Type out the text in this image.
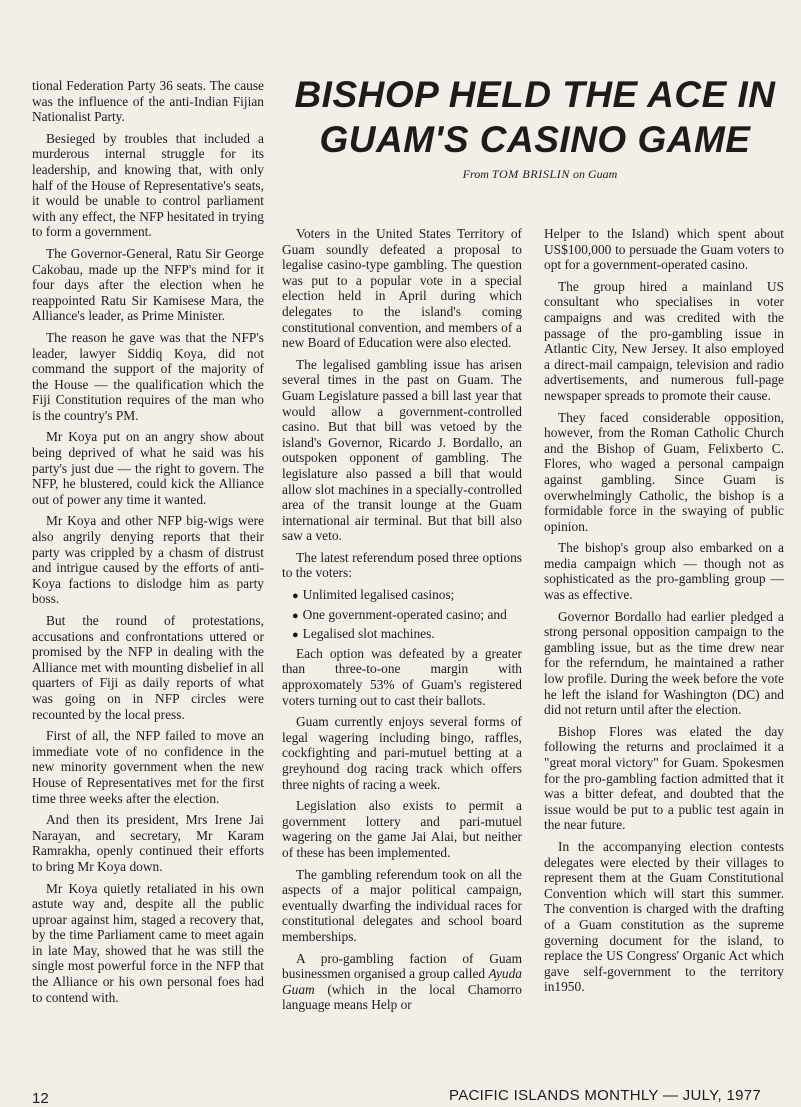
tional Federation Party 36 seats. The cause was the influence of the anti-Indian Fijian Nationalist Party.

Besieged by troubles that included a murderous internal struggle for its leadership, and knowing that, with only half of the House of Representative's seats, it would be unable to control parliament with any effect, the NFP hesitated in trying to form a government.

The Governor-General, Ratu Sir George Cakobau, made up the NFP's mind for it four days after the election when he reappointed Ratu Sir Kamisese Mara, the Alliance's leader, as Prime Minister.

The reason he gave was that the NFP's leader, lawyer Siddiq Koya, did not command the support of the majority of the House — the qualification which the Fiji Constitution requires of the man who is the country's PM.

Mr Koya put on an angry show about being deprived of what he said was his party's just due — the right to govern. The NFP, he blustered, could kick the Alliance out of power any time it wanted.

Mr Koya and other NFP big-wigs were also angrily denying reports that their party was crippled by a chasm of distrust and intrigue caused by the efforts of anti-Koya factions to dislodge him as party boss.

But the round of protestations, accusations and confrontations uttered or promised by the NFP in dealing with the Alliance met with mounting disbelief in all quarters of Fiji as daily reports of what was going on in NFP circles were recounted by the local press.

First of all, the NFP failed to move an immediate vote of no confidence in the new minority government when the new House of Representatives met for the first time three weeks after the election.

And then its president, Mrs Irene Jai Narayan, and secretary, Mr Karam Ramrakha, openly continued their efforts to bring Mr Koya down.

Mr Koya quietly retaliated in his own astute way and, despite all the public uproar against him, staged a recovery that, by the time Parliament came to meet again in late May, showed that he was still the single most powerful force in the NFP that the Alliance or his own personal foes had to contend with.

BISHOP HELD THE ACE IN
GUAM'S CASINO GAME
From TOM BRISLIN on Guam

Voters in the United States Territory of Guam soundly defeated a proposal to legalise casino-type gambling. The question was put to a popular vote in a special election held in April during which delegates to the island's coming constitutional convention, and members of a new Board of Education were also elected.

The legalised gambling issue has arisen several times in the past on Guam. The Guam Legislature passed a bill last year that would allow a government-controlled casino. But that bill was vetoed by the island's Governor, Ricardo J. Bordallo, an outspoken opponent of gambling. The legislature also passed a bill that would allow slot machines in a specially-controlled area of the transit lounge at the Guam international air terminal. But that bill also saw a veto.

The latest referendum posed three options to the voters:

● Unlimited legalised casinos;

● One government-operated casino; and

● Legalised slot machines.

Each option was defeated by a greater than three-to-one margin with approxomately 53% of Guam's registered voters turning out to cast their ballots.

Guam currently enjoys several forms of legal wagering including bingo, raffles, cockfighting and pari-mutuel betting at a greyhound dog racing track which offers three nights of racing a week.

Legislation also exists to permit a government lottery and pari-mutuel wagering on the game Jai Alai, but neither of these has been implemented.

The gambling referendum took on all the aspects of a major political campaign, eventually dwarfing the individual races for constitutional delegates and school board memberships.

A pro-gambling faction of Guam businessmen organised a group called Ayuda Guam (which in the local Chamorro language means Help or

Helper to the Island) which spent about US$100,000 to persuade the Guam voters to opt for a government-operated casino.

The group hired a mainland US consultant who specialises in voter campaigns and was credited with the passage of the pro-gambling issue in Atlantic City, New Jersey. It also employed a direct-mail campaign, television and radio advertisements, and numerous full-page newspaper spreads to promote their cause.

They faced considerable opposition, however, from the Roman Catholic Church and the Bishop of Guam, Felixberto C. Flores, who waged a personal campaign against gambling. Since Guam is overwhelmingly Catholic, the bishop is a formidable force in the swaying of public opinion.

The bishop's group also embarked on a media campaign which — though not as sophisticated as the pro-gambling group — was as effective.

Governor Bordallo had earlier pledged a strong personal opposition campaign to the gambling issue, but as the time drew near for the referndum, he maintained a rather low profile. During the week before the vote he left the island for Washington (DC) and did not return until after the election.

Bishop Flores was elated the day following the returns and proclaimed it a "great moral victory" for Guam. Spokesmen for the pro-gambling faction admitted that it was a bitter defeat, and doubted that the issue would be put to a public test again in the near future.

In the accompanying election contests delegates were elected by their villages to represent them at the Guam Constitutional Convention which will start this summer. The convention is charged with the drafting of a Guam constitution as the supreme governing document for the island, to replace the US Congress' Organic Act which gave self-government to the territory in1950.

12	PACIFIC ISLANDS MONTHLY — JULY, 1977
